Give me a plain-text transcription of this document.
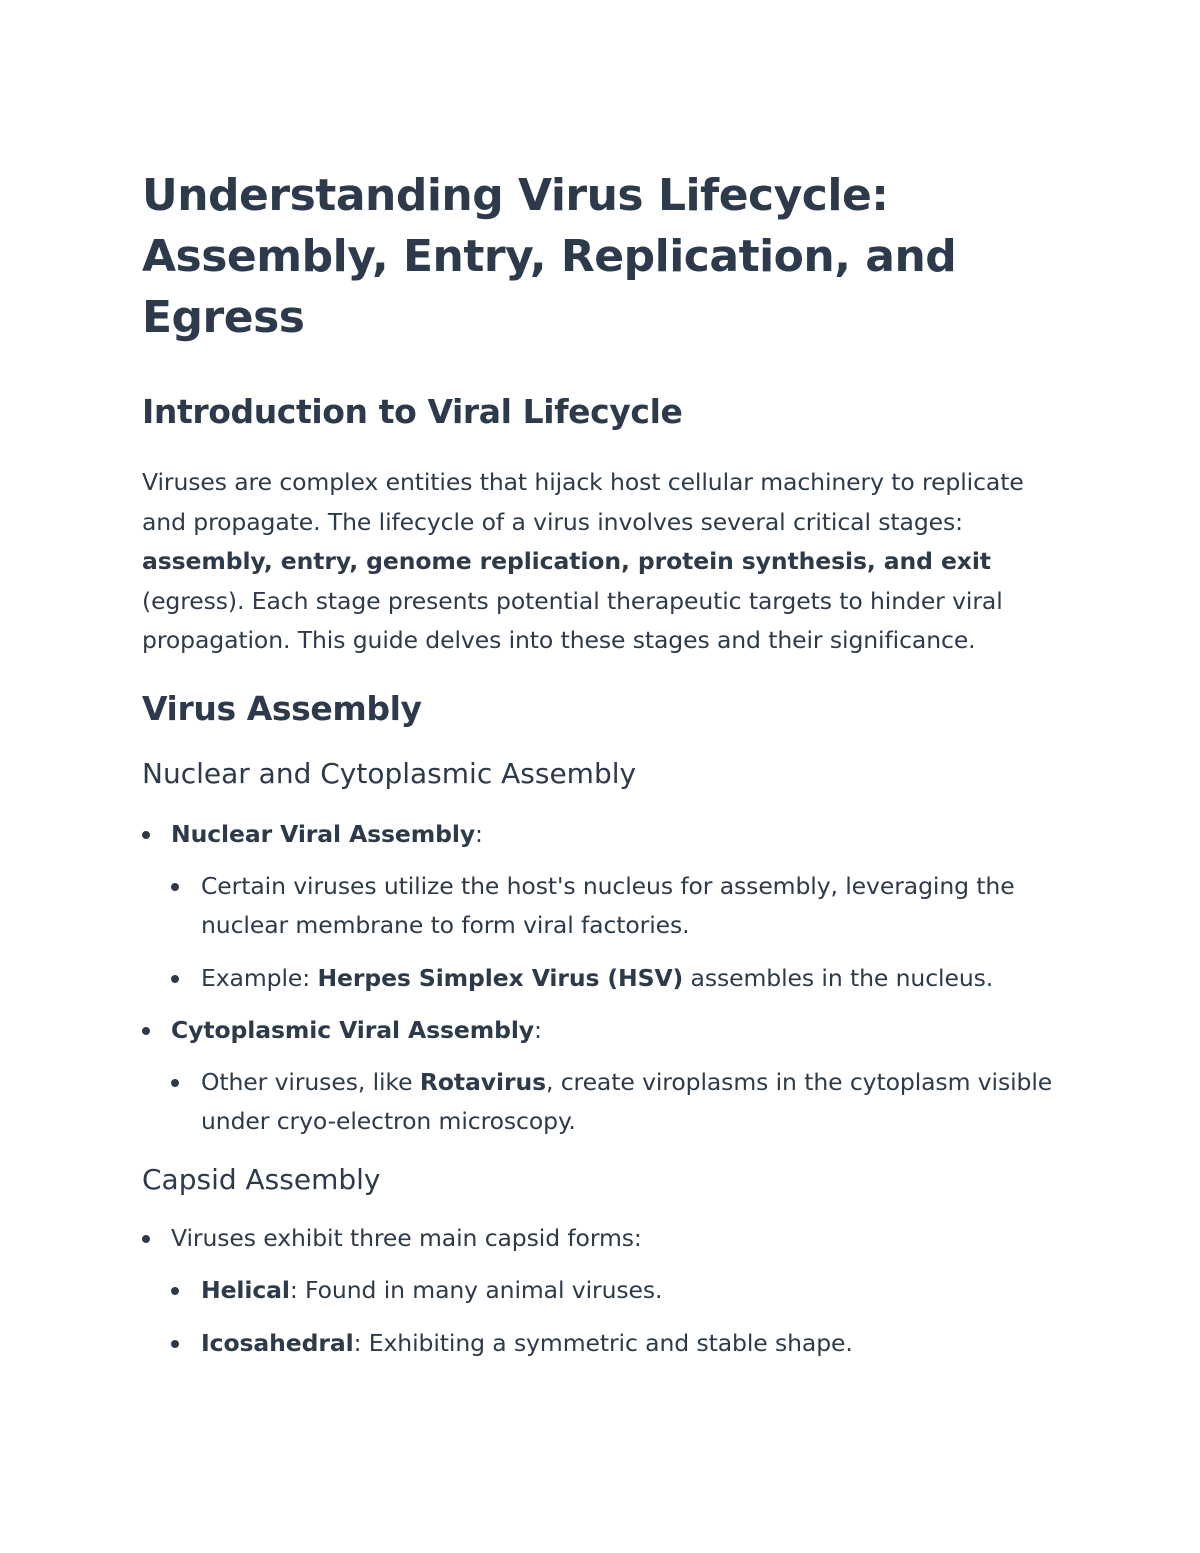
Understanding Virus Lifecycle: Assembly, Entry, Replication, and Egress
Introduction to Viral Lifecycle

Viruses are complex entities that hijack host cellular machinery to replicate and propagate. The lifecycle of a virus involves several critical stages: assembly, entry, genome replication, protein synthesis, and exit (egress). Each stage presents potential therapeutic targets to hinder viral propagation. This guide delves into these stages and their significance.

Virus Assembly
Nuclear and Cytoplasmic Assembly
Nuclear Viral Assembly:
Certain viruses utilize the host's nucleus for assembly, leveraging the nuclear membrane to form viral factories.
Example: Herpes Simplex Virus (HSV) assembles in the nucleus.
Cytoplasmic Viral Assembly:
Other viruses, like Rotavirus, create viroplasms in the cytoplasm visible under cryo-electron microscopy.
Capsid Assembly
Viruses exhibit three main capsid forms:
Helical: Found in many animal viruses.
Icosahedral: Exhibiting a symmetric and stable shape.
